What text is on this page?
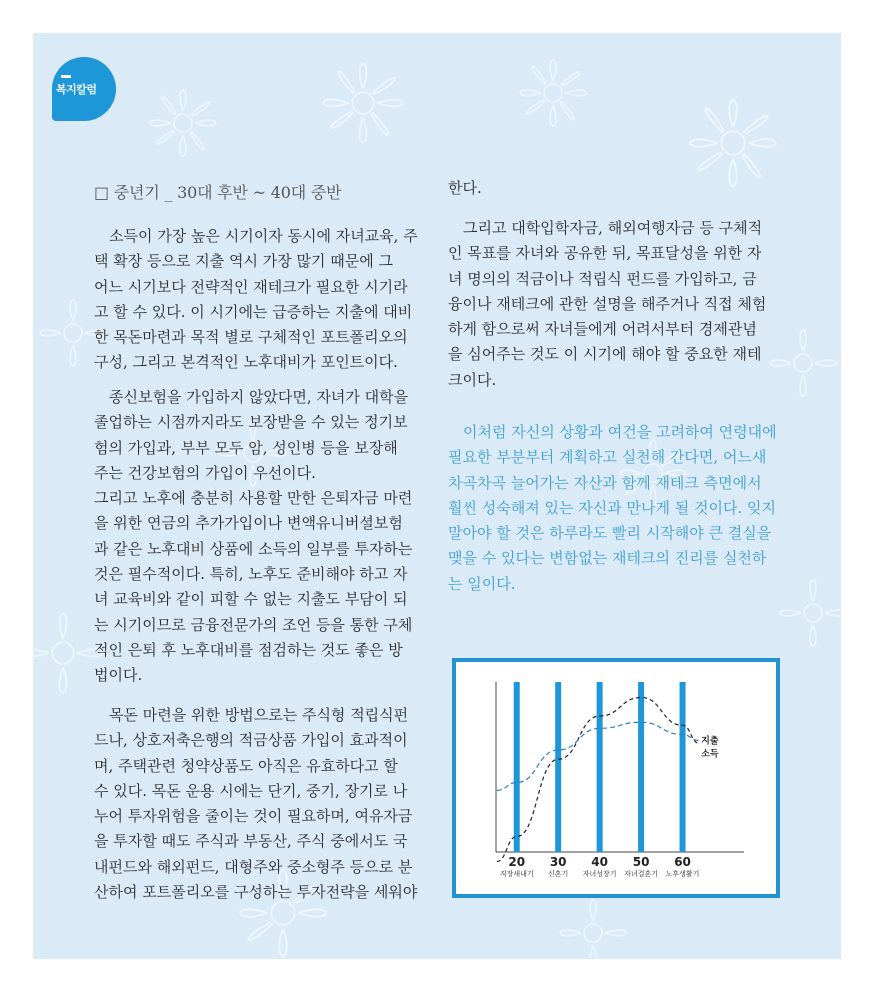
복지칼럼
□ 중년기 _ 30대 후반 ~ 40대 중반

소득이 가장 높은 시기이자 동시에 자녀교육, 주
택 확장 등으로 지출 역시 가장 많기 때문에 그
어느 시기보다 전략적인 재테크가 필요한 시기라
고 할 수 있다. 이 시기에는 급증하는 지출에 대비
한 목돈마련과 목적 별로 구체적인 포트폴리오의
구성, 그리고 본격적인 노후대비가 포인트이다.

종신보험을 가입하지 않았다면, 자녀가 대학을
졸업하는 시점까지라도 보장받을 수 있는 정기보
험의 가입과, 부부 모두 암, 성인병 등을 보장해
주는 건강보험의 가입이 우선이다.
그리고 노후에 충분히 사용할 만한 은퇴자금 마련
을 위한 연금의 추가가입이나 변액유니버셜보험
과 같은 노후대비 상품에 소득의 일부를 투자하는
것은 필수적이다. 특히, 노후도 준비해야 하고 자
녀 교육비와 같이 피할 수 없는 지출도 부담이 되
는 시기이므로 금융전문가의 조언 등을 통한 구체
적인 은퇴 후 노후대비를 점검하는 것도 좋은 방
법이다.

목돈 마련을 위한 방법으로는 주식형 적립식펀
드나, 상호저축은행의 적금상품 가입이 효과적이
며, 주택관련 청약상품도 아직은 유효하다고 할
수 있다. 목돈 운용 시에는 단기, 중기, 장기로 나
누어 투자위험을 줄이는 것이 필요하며, 여유자금
을 투자할 때도 주식과 부동산, 주식 중에서도 국
내펀드와 해외펀드, 대형주와 중소형주 등으로 분
산하여 포트폴리오를 구성하는 투자전략을 세워야

한다.

그리고 대학입학자금, 해외여행자금 등 구체적
인 목표를 자녀와 공유한 뒤, 목표달성을 위한 자
녀 명의의 적금이나 적립식 펀드를 가입하고, 금
융이나 재테크에 관한 설명을 해주거나 직접 체험
하게 함으로써 자녀들에게 어려서부터 경제관념
을 심어주는 것도 이 시기에 해야 할 중요한 재테
크이다.

이처럼 자신의 상황과 여건을 고려하여 연령대에
필요한 부분부터 계획하고 실천해 간다면, 어느새
차곡차곡 늘어가는 자산과 함께 재테크 측면에서
훨씬 성숙해져 있는 자신과 만나게 될 것이다. 잊지
말아야 할 것은 하루라도 빨리 시작해야 큰 결실을
맺을 수 있다는 변함없는 재테크의 진리를 실천하
는 일이다.

20
직장새내기
30
신혼기
40
자녀성장기
50
자녀결혼기
60
노후생활기
지출
소득
